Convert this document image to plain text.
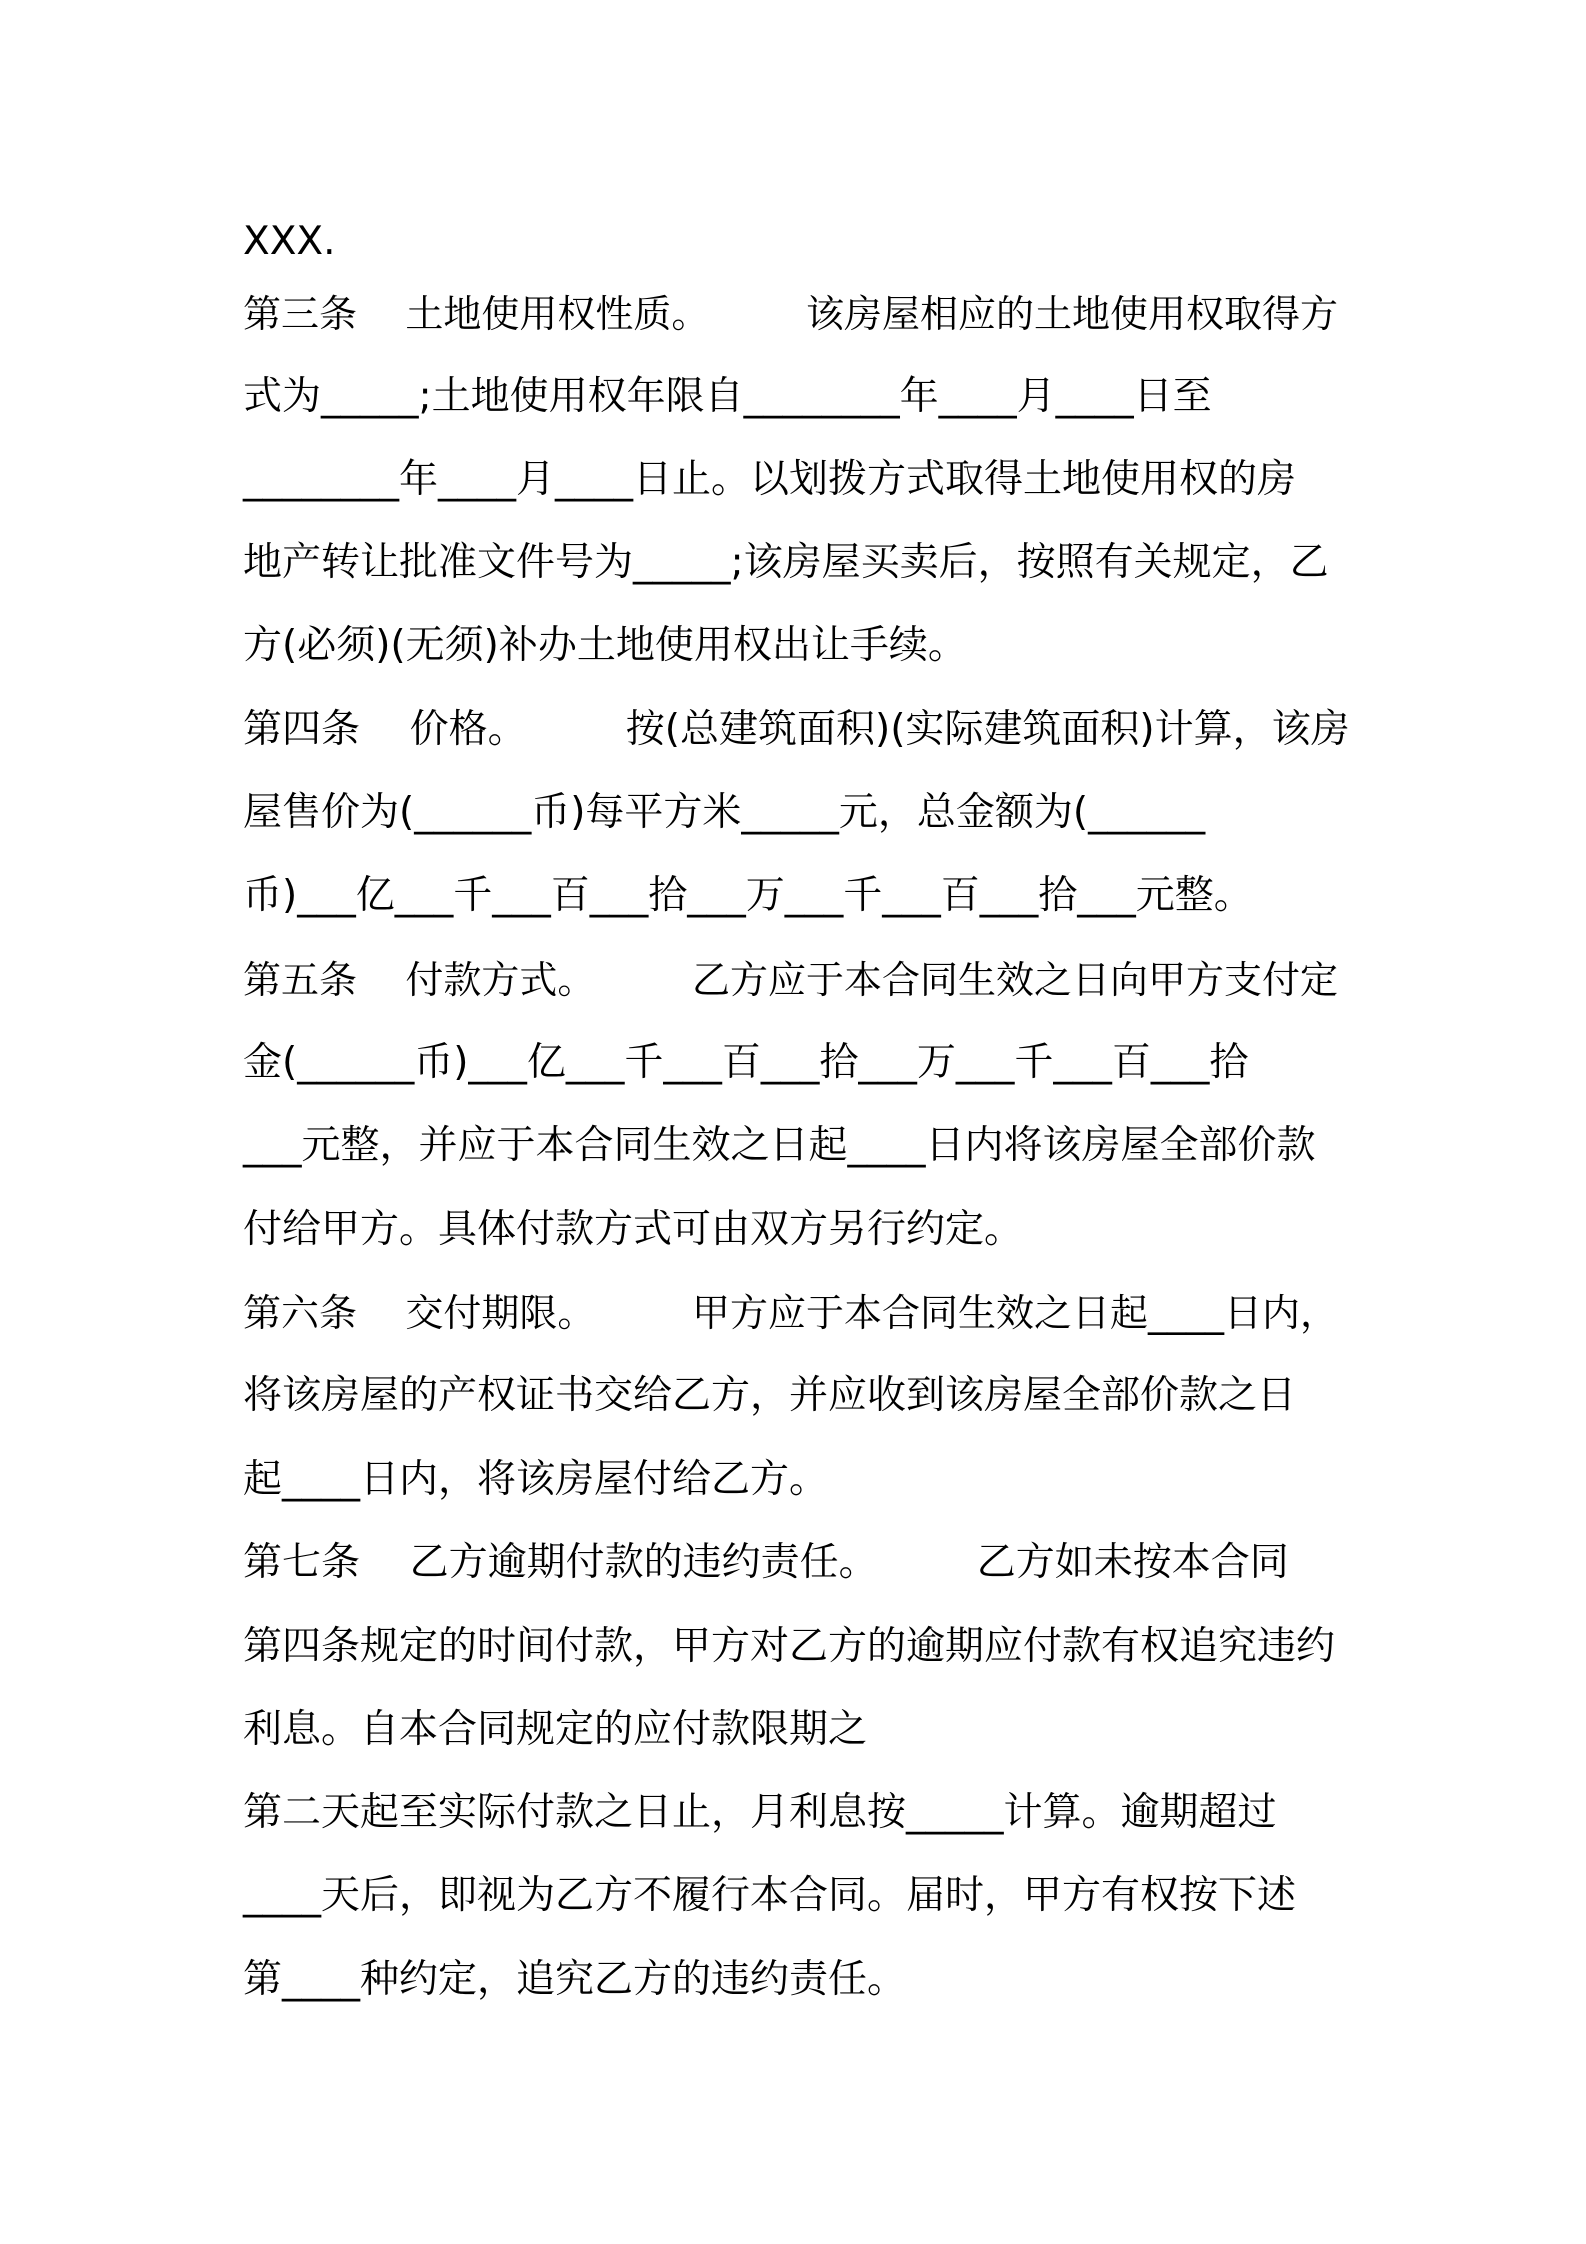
XXX.
第三条    土地使用权性质。        该房屋相应的土地使用权取得方
式为_____;土地使用权年限自________年____月____日至
________年____月____日止。以划拨方式取得土地使用权的房
地产转让批准文件号为_____;该房屋买卖后，按照有关规定，乙
方(必须)(无须)补办土地使用权出让手续。
第四条    价格。        按(总建筑面积)(实际建筑面积)计算，该房
屋售价为(______币)每平方米_____元，总金额为(______
币)___亿___千___百___拾___万___千___百___拾___元整。
第五条    付款方式。        乙方应于本合同生效之日向甲方支付定
金(______币)___亿___千___百___拾___万___千___百___拾
___元整，并应于本合同生效之日起____日内将该房屋全部价款
付给甲方。具体付款方式可由双方另行约定。
第六条    交付期限。        甲方应于本合同生效之日起____日内，
将该房屋的产权证书交给乙方，并应收到该房屋全部价款之日
起____日内，将该房屋付给乙方。
第七条    乙方逾期付款的违约责任。        乙方如未按本合同
第四条规定的时间付款，甲方对乙方的逾期应付款有权追究违约
利息。自本合同规定的应付款限期之
第二天起至实际付款之日止，月利息按_____计算。逾期超过
____天后，即视为乙方不履行本合同。届时，甲方有权按下述
第____种约定，追究乙方的违约责任。
